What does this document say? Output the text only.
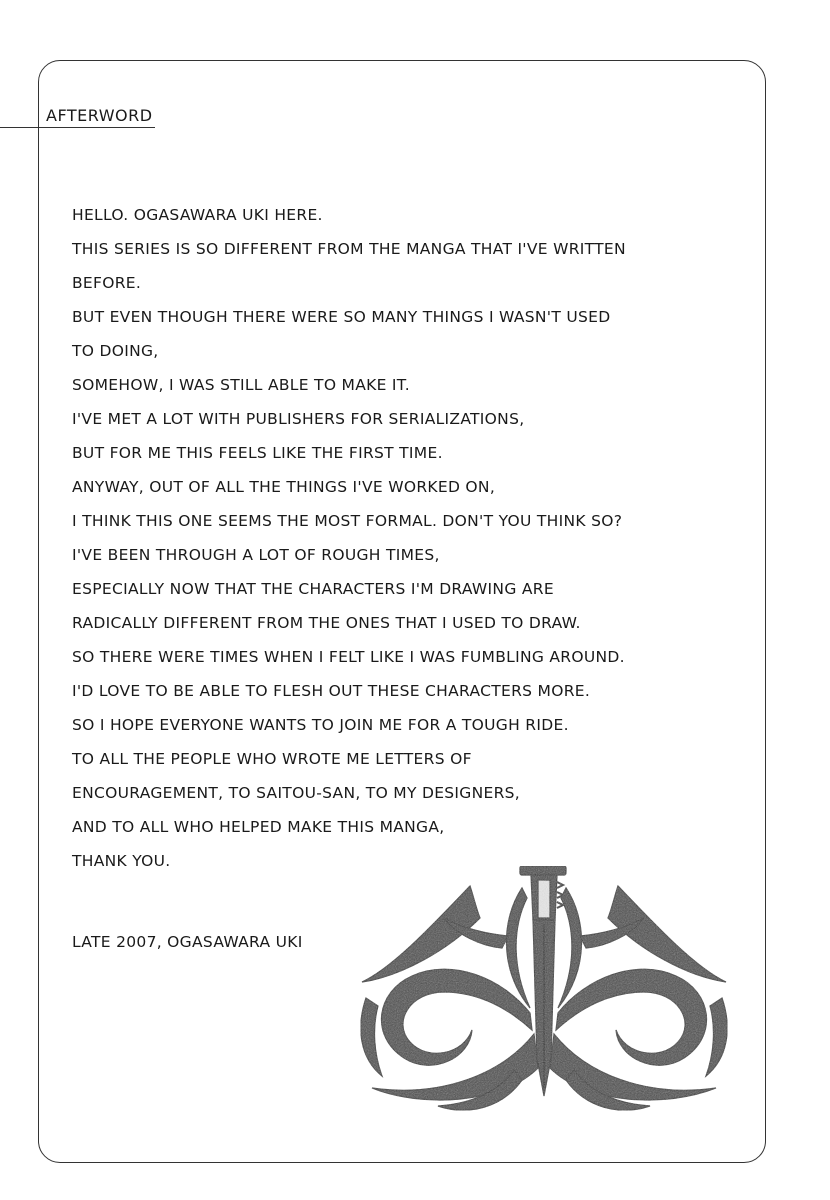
AFTERWORD
HELLO. OGASAWARA UKI HERE.
THIS SERIES IS SO DIFFERENT FROM THE MANGA THAT I'VE WRITTEN
BEFORE.
BUT EVEN THOUGH THERE WERE SO MANY THINGS I WASN'T USED
TO DOING,
SOMEHOW, I WAS STILL ABLE TO MAKE IT.
I'VE MET A LOT WITH PUBLISHERS FOR SERIALIZATIONS,
BUT FOR ME THIS FEELS LIKE THE FIRST TIME.
ANYWAY, OUT OF ALL THE THINGS I'VE WORKED ON,
I THINK THIS ONE SEEMS THE MOST FORMAL. DON'T YOU THINK SO?
I'VE BEEN THROUGH A LOT OF ROUGH TIMES,
ESPECIALLY NOW THAT THE CHARACTERS I'M DRAWING ARE
RADICALLY DIFFERENT FROM THE ONES THAT I USED TO DRAW.
SO THERE WERE TIMES WHEN I FELT LIKE I WAS FUMBLING AROUND.
I'D LOVE TO BE ABLE TO FLESH OUT THESE CHARACTERS MORE.
SO I HOPE EVERYONE WANTS TO JOIN ME FOR A TOUGH RIDE.
TO ALL THE PEOPLE WHO WROTE ME LETTERS OF
ENCOURAGEMENT, TO SAITOU-SAN, TO MY DESIGNERS,
AND TO ALL WHO HELPED MAKE THIS MANGA,
THANK YOU.
LATE 2007, OGASAWARA UKI
